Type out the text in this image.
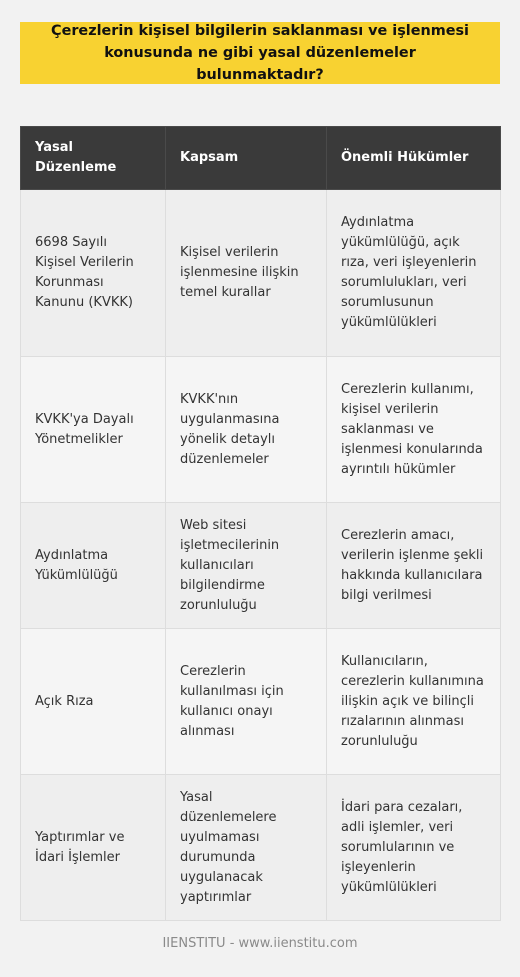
Çerezlerin kişisel bilgilerin saklanması ve işlenmesi konusunda ne gibi yasal düzenlemeler bulunmaktadır?
Yasal Düzenleme	Kapsam	Önemli Hükümler
6698 Sayılı Kişisel Verilerin Korunması Kanunu (KVKK)	Kişisel verilerin işlenmesine ilişkin temel kurallar	Aydınlatma yükümlülüğü, açık rıza, veri işleyenlerin sorumlulukları, veri sorumlusunun yükümlülükleri
KVKK'ya Dayalı Yönetmelikler	KVKK'nın uygulanmasına yönelik detaylı düzenlemeler	Cerezlerin kullanımı, kişisel verilerin saklanması ve işlenmesi konularında ayrıntılı hükümler
Aydınlatma Yükümlülüğü	Web sitesi işletmecilerinin kullanıcıları bilgilendirme zorunluluğu	Cerezlerin amacı, verilerin işlenme şekli hakkında kullanıcılara bilgi verilmesi
Açık Rıza	Cerezlerin kullanılması için kullanıcı onayı alınması	Kullanıcıların, cerezlerin kullanımına ilişkin açık ve bilinçli rızalarının alınması zorunluluğu
Yaptırımlar ve İdari İşlemler	Yasal düzenlemelere uyulmaması durumunda uygulanacak yaptırımlar	İdari para cezaları, adli işlemler, veri sorumlularının ve işleyenlerin yükümlülükleri
IIENSTITU - www.iienstitu.com
